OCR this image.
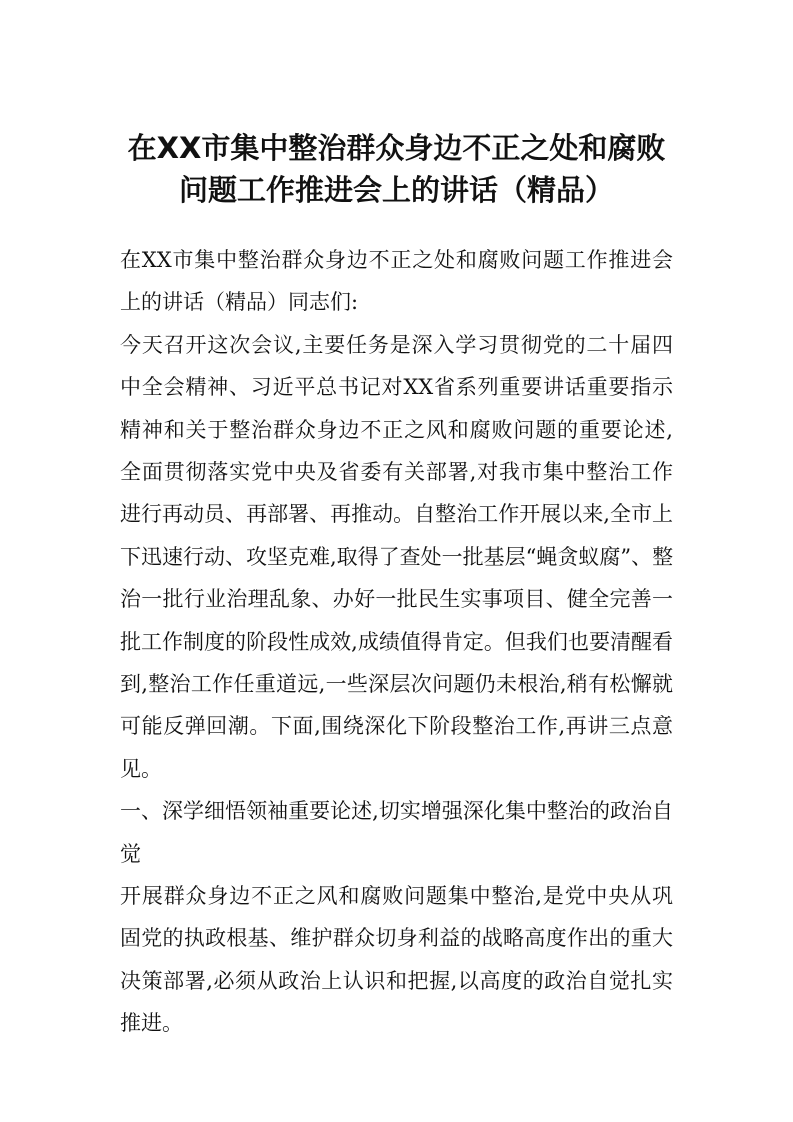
在XX市集中整治群众身边不正之处和腐败
问题工作推进会上的讲话（精品）
在XX市集中整治群众身边不正之处和腐败问题工作推进会
上的讲话（精品）同志们:
今天召开这次会议,主要任务是深入学习贯彻党的二十届四
中全会精神、习近平总书记对XX省系列重要讲话重要指示
精神和关于整治群众身边不正之风和腐败问题的重要论述,
全面贯彻落实党中央及省委有关部署,对我市集中整治工作
进行再动员、再部署、再推动。自整治工作开展以来,全市上
下迅速行动、攻坚克难,取得了查处一批基层“蝇贪蚁腐”、整
治一批行业治理乱象、办好一批民生实事项目、健全完善一
批工作制度的阶段性成效,成绩值得肯定。但我们也要清醒看
到,整治工作任重道远,一些深层次问题仍未根治,稍有松懈就
可能反弹回潮。下面,围绕深化下阶段整治工作,再讲三点意
见。
一、深学细悟领袖重要论述,切实增强深化集中整治的政治自
觉
开展群众身边不正之风和腐败问题集中整治,是党中央从巩
固党的执政根基、维护群众切身利益的战略高度作出的重大
决策部署,必须从政治上认识和把握,以高度的政治自觉扎实
推进。
